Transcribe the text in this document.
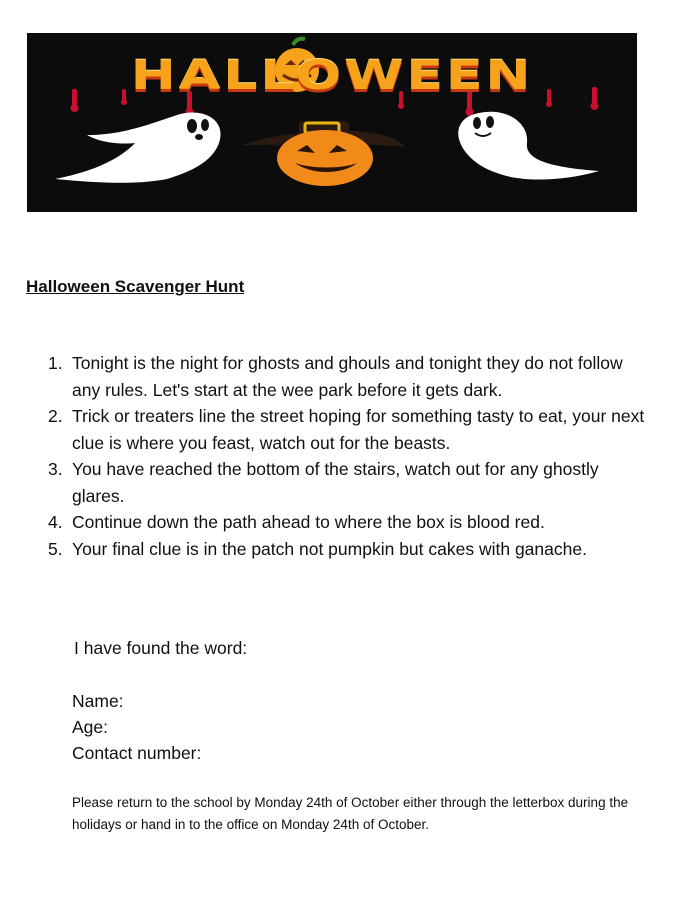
HALLOWEEN
Halloween Scavenger Hunt
1. Tonight is the night for ghosts and ghouls and tonight they do not follow any rules. Let's start at the wee park before it gets dark.
2. Trick or treaters line the street hoping for something tasty to eat, your next clue is where you feast, watch out for the beasts.
3. You have reached the bottom of the stairs, watch out for any ghostly glares.
4. Continue down the path ahead to where the box is blood red.
5. Your final clue is in the patch not pumpkin but cakes with ganache.
I have found the word:
Name:
Age:
Contact number:
Please return to the school by Monday 24th of October either through the letterbox during the holidays or hand in to the office on Monday 24th of October.
